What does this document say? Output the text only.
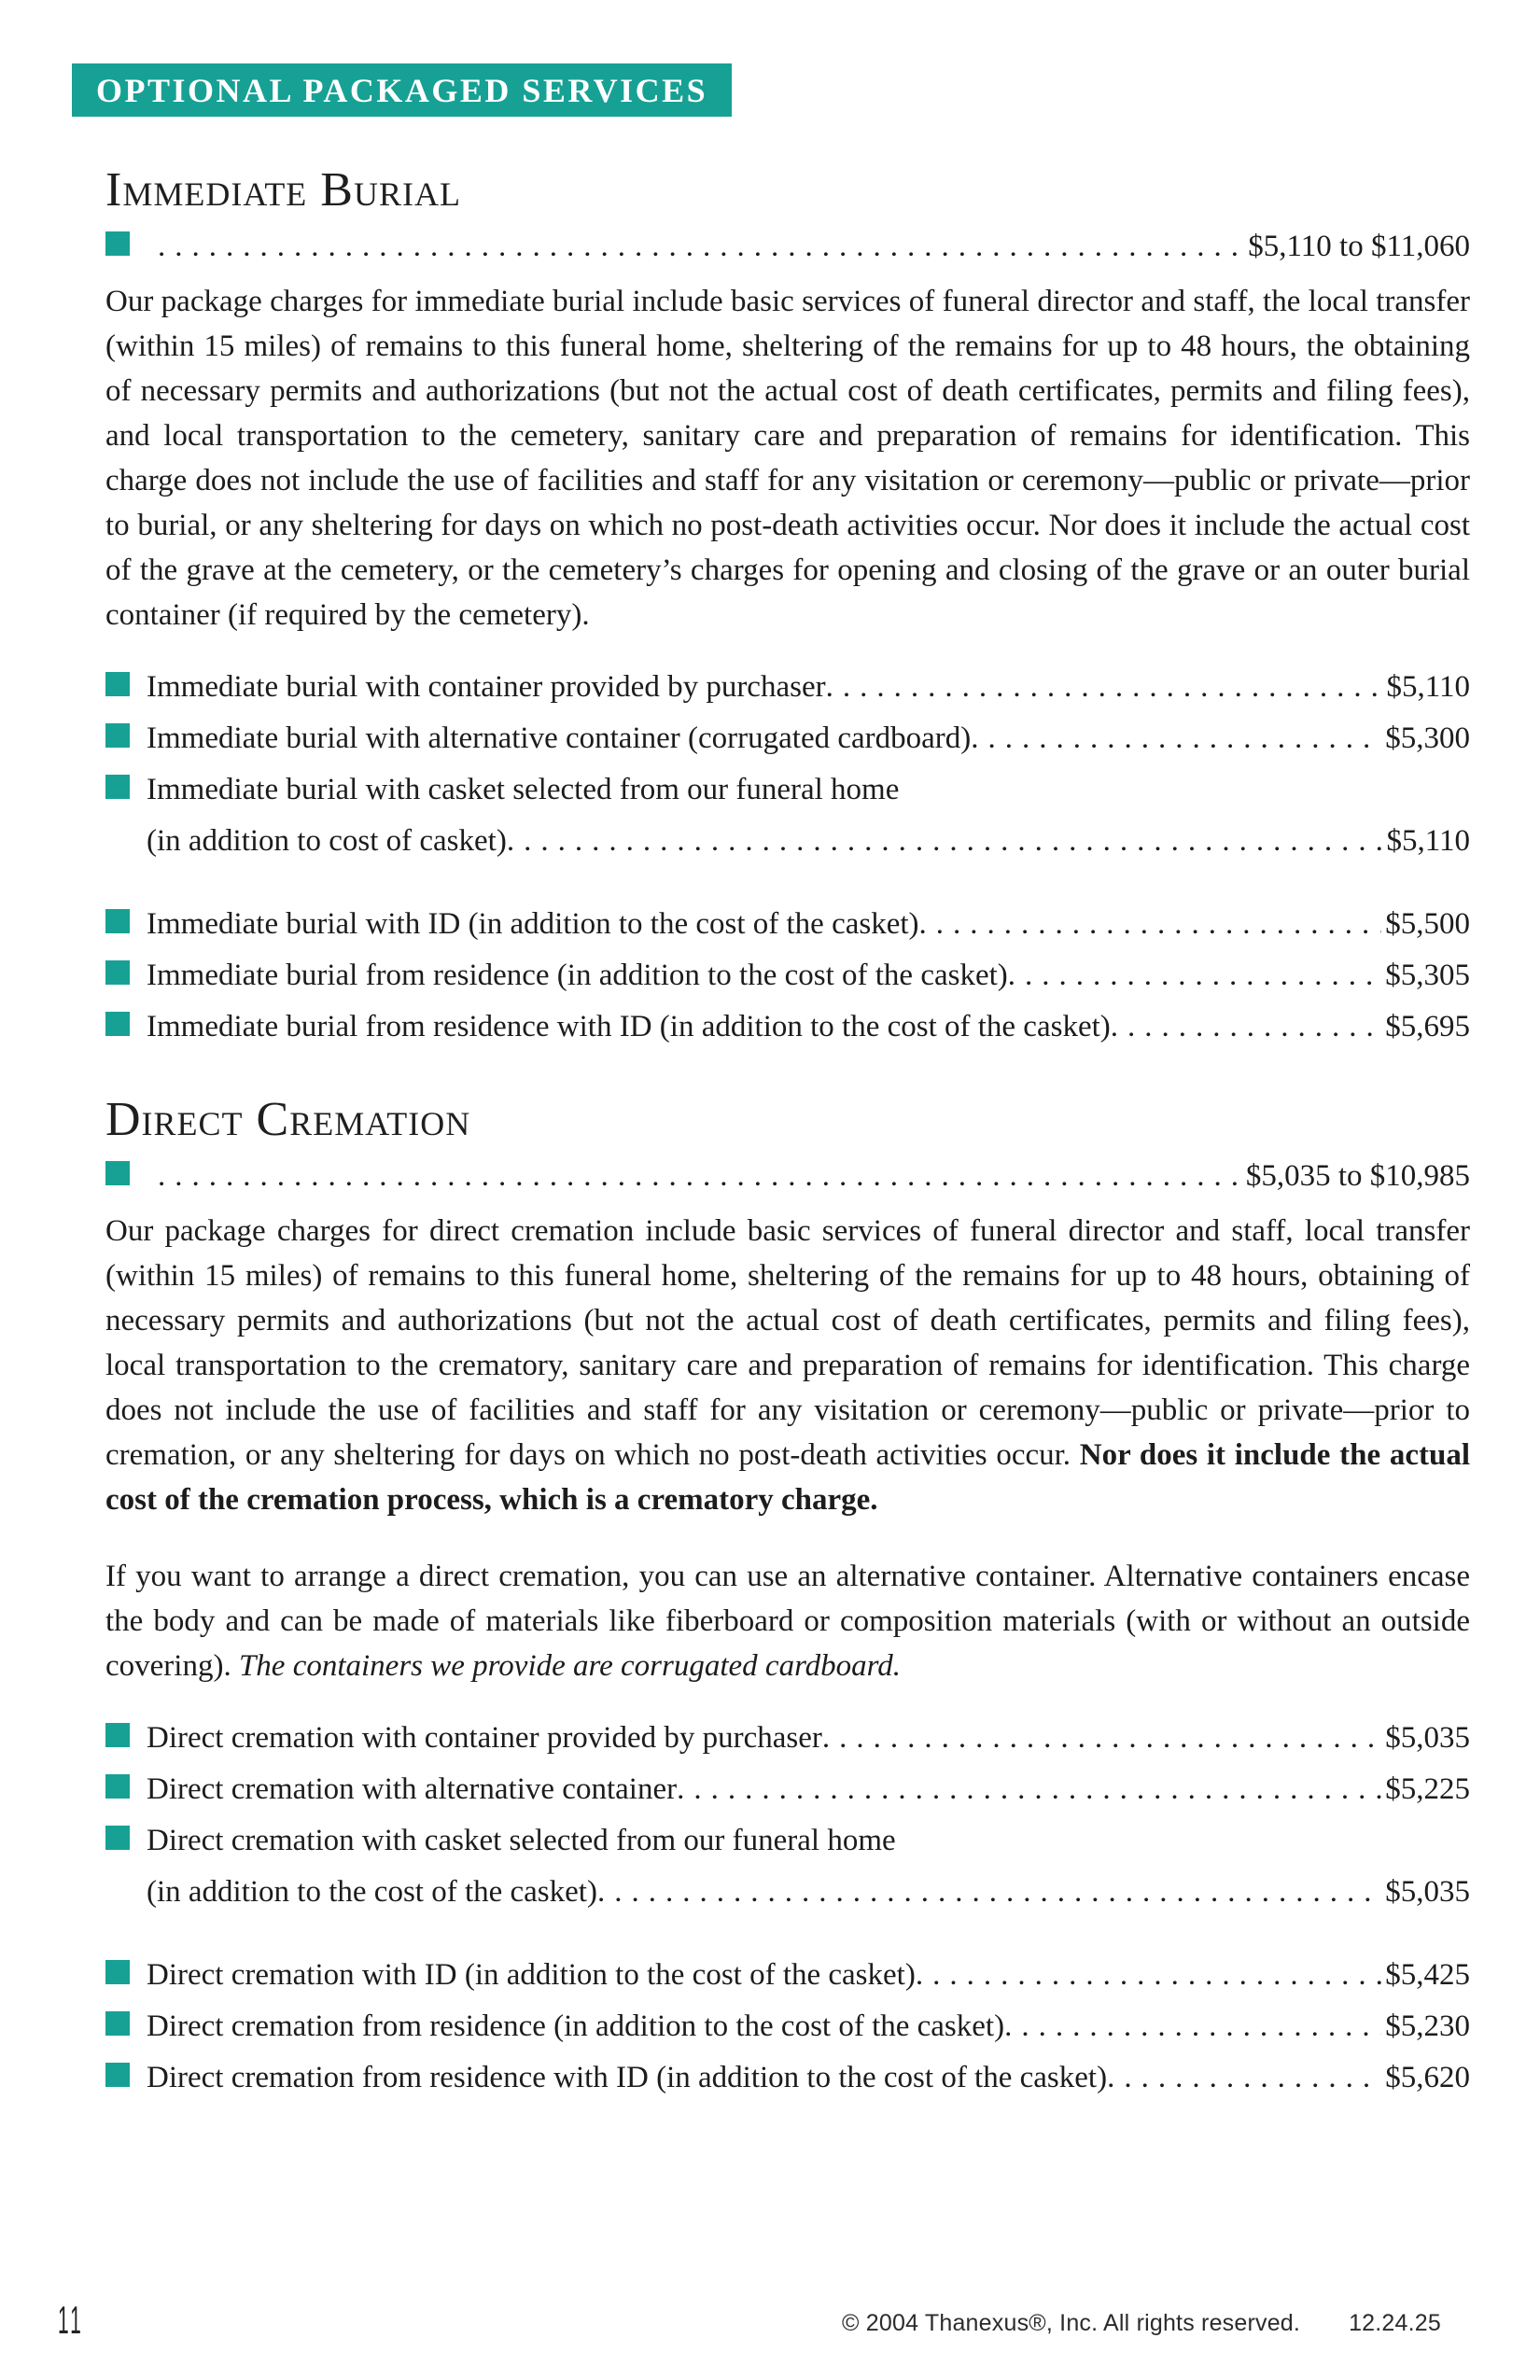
OPTIONAL PACKAGED SERVICES
Immediate Burial
.....
$5,110 to $11,060

Our package charges for immediate burial include basic services of funeral director and staff, the local transfer (within 15 miles) of remains to this funeral home, sheltering of the remains for up to 48 hours, the obtaining of necessary permits and authorizations (but not the actual cost of death certificates, permits and filing fees), and local transportation to the cemetery, sanitary care and preparation of remains for identification. This charge does not include the use of facilities and staff for any visitation or ceremony—public or private—prior to burial, or any sheltering for days on which no post-death activities occur. Nor does it include the actual cost of the grave at the cemetery, or the cemetery’s charges for opening and closing of the grave or an outer burial container (if required by the cemetery).

Immediate burial with container provided by purchaser .....	$5,110
Immediate burial with alternative container (corrugated cardboard) .....	$5,300
Immediate burial with casket selected from our funeral home
(in addition to cost of casket) .....	$5,110
Immediate burial with ID (in addition to the cost of the casket) .....	$5,500
Immediate burial from residence (in addition to the cost of the casket) .....	$5,305
Immediate burial from residence with ID (in addition to the cost of the casket) .....	$5,695
Direct Cremation
.....
$5,035 to $10,985

Our package charges for direct cremation include basic services of funeral director and staff, local transfer (within 15 miles) of remains to this funeral home, sheltering of the remains for up to 48 hours, obtaining of necessary permits and authorizations (but not the actual cost of death certificates, permits and filing fees), local transportation to the crematory, sanitary care and preparation of remains for identification. This charge does not include the use of facilities and staff for any visitation or ceremony—public or private—prior to cremation, or any sheltering for days on which no post-death activities occur. Nor does it include the actual cost of the cremation process, which is a crematory charge.

If you want to arrange a direct cremation, you can use an alternative container. Alternative containers encase the body and can be made of materials like fiberboard or composition materials (with or without an outside covering). The containers we provide are corrugated cardboard.

Direct cremation with container provided by purchaser .....	$5,035
Direct cremation with alternative container .....	$5,225
Direct cremation with casket selected from our funeral home
(in addition to the cost of the casket) .....	$5,035
Direct cremation with ID (in addition to the cost of the casket) .....	$5,425
Direct cremation from residence (in addition to the cost of the casket) .....	$5,230
Direct cremation from residence with ID (in addition to the cost of the casket) .....	$5,620
11	© 2004 Thanexus®, Inc. All rights reserved. 12.24.25
